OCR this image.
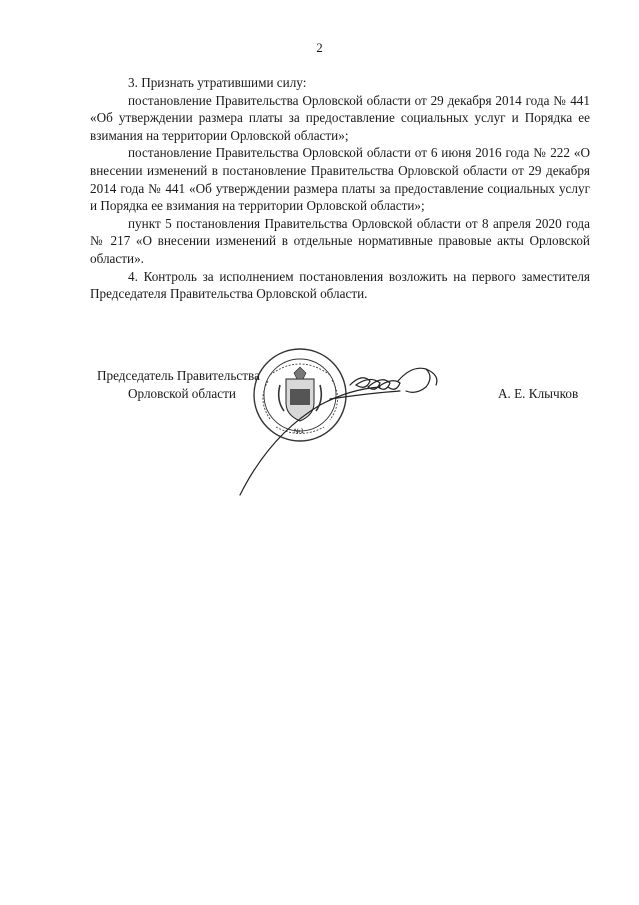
2

3. Признать утратившими силу:

постановление Правительства Орловской области от 29 декабря 2014 года № 441 «Об утверждении размера платы за предоставление социальных услуг и Порядка ее взимания на территории Орловской области»;

постановление Правительства Орловской области от 6 июня 2016 года № 222 «О внесении изменений в постановление Правительства Орловской области от 29 декабря 2014 года № 441 «Об утверждении размера платы за предоставление социальных услуг и Порядка ее взимания на территории Орловской области»;

пункт 5 постановления Правительства Орловской области от 8 апреля 2020 года № 217 «О внесении изменений в отдельные нормативные правовые акты Орловской области».

4. Контроль за исполнением постановления возложить на первого заместителя Председателя Правительства Орловской области.

Председатель Правительства
Орловской области
№1
А. Е. Клычков
